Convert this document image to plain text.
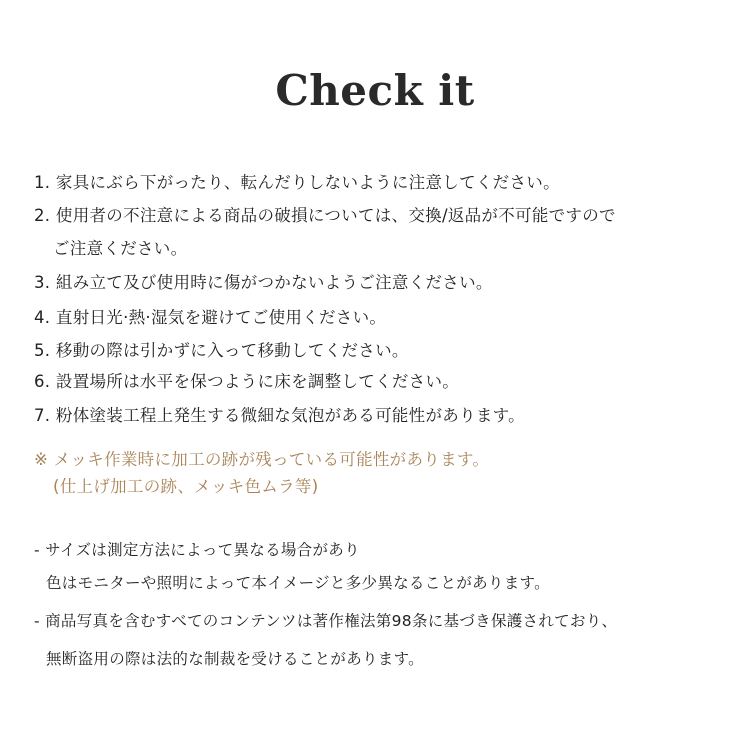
Check it
1. 家具にぶら下がったり、転んだりしないように注意してください。
2. 使用者の不注意による商品の破損については、交換/返品が不可能ですので
ご注意ください。
3. 組み立て及び使用時に傷がつかないようご注意ください。
4. 直射日光·熱·湿気を避けてご使用ください。
5. 移動の際は引かずに入って移動してください。
6. 設置場所は水平を保つように床を調整してください。
7. 粉体塗装工程上発生する微細な気泡がある可能性があります。
※ メッキ作業時に加工の跡が残っている可能性があります。
(仕上げ加工の跡、メッキ色ムラ等)
- サイズは測定方法によって異なる場合があり
色はモニターや照明によって本イメージと多少異なることがあります。
- 商品写真を含むすべてのコンテンツは著作権法第98条に基づき保護されており、
無断盗用の際は法的な制裁を受けることがあります。
